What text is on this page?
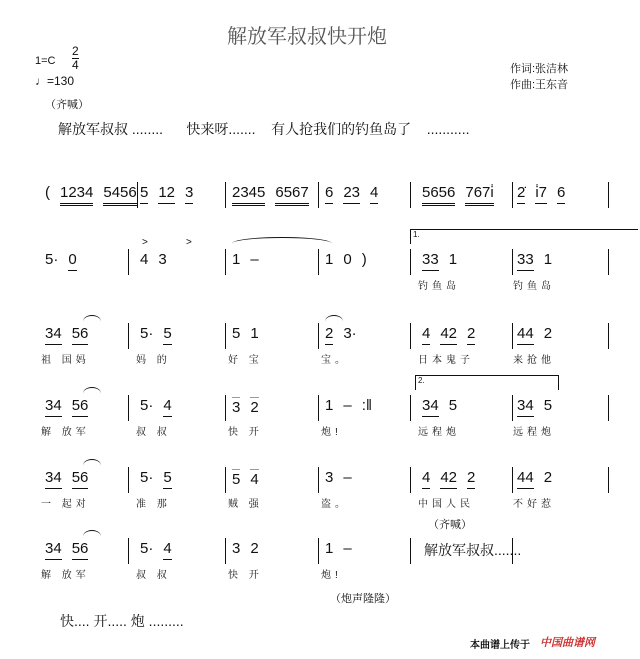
解放军叔叔快开炮
$1=C \frac{2}{4}$
♩=130
作词:张洁林
作曲:王东音
（齐喊）
解放军叔叔 ........      快来呀.......    有人抢我们的钓鱼岛了    ...........
( 1234 5456 5 12 3	2345 6567	6 23 4	5656 767i̇	2̇ i̇7 6
1.
5· 0
>	>
4 3	1 –	1 0 )	33 1
钓鱼岛
33 1
钓鱼岛
34 56
祖 国妈
5· 5
妈 的
5 1
好 宝
2 3·
宝。
4 42 2
日本鬼子
44 2
来抢他
2.
34 56
解 放军
5· 4
叔 叔
3 2
快 开
1 – :‖
炮!
34 5
远程炮
34 5
远程炮
34 56
一 起对
5· 5
准 那
5 4
贼 强
3 –
盗。
4 42 2
中国人民
44 2
不好惹
34 56
解 放军
5· 4
叔 叔
3 2
快 开
1 –
炮!
（齐喊）
解放军叔叔.......
（炮声隆隆）
快.... 开..... 炮 .........
本曲谱上传于 中国曲谱网
